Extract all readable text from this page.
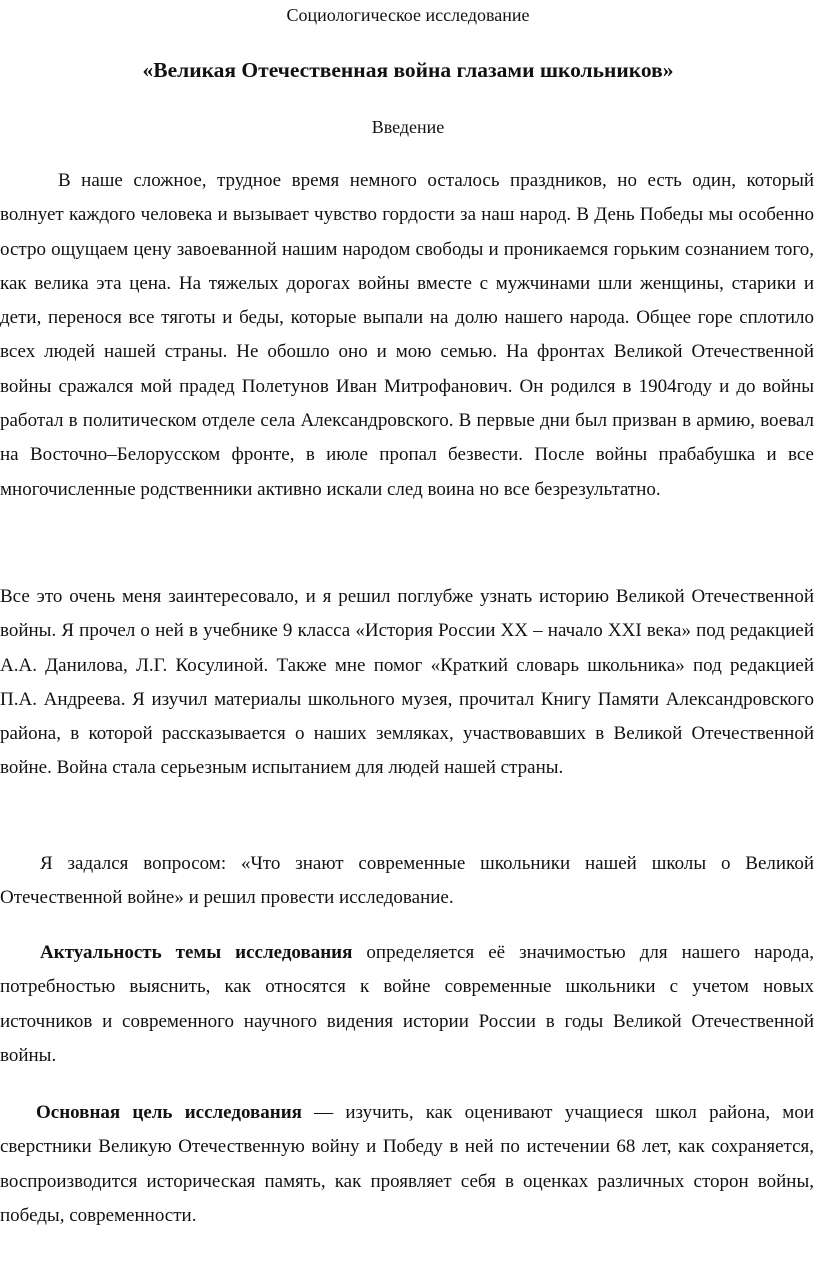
Социологическое исследование
«Великая Отечественная война глазами школьников»
Введение

В наше сложное, трудное время немного осталось праздников, но есть один, который волнует каждого человека и вызывает чувство гордости за наш народ. В День Победы мы особенно остро ощущаем цену завоеванной нашим народом свободы и проникаемся горьким сознанием того, как велика эта цена. На тяжелых дорогах войны вместе с мужчинами шли женщины, старики и дети, перенося все тяготы и беды, которые выпали на долю нашего народа. Общее горе сплотило всех людей нашей страны. Не обошло оно и мою семью. На фронтах Великой Отечественной войны сражался мой прадед Полетунов Иван Митрофанович. Он родился в 1904году и до войны работал в политическом отделе села Александровского. В первые дни был призван в армию, воевал на Восточно–Белорусском фронте, в июле пропал безвести. После войны прабабушка и все многочисленные родственники активно искали след воина но все безрезультатно.

Все это очень меня заинтересовало, и я решил поглубже узнать историю Великой Отечественной войны. Я прочел о ней в учебнике 9 класса «История России XX – начало XXI века» под редакцией А.А. Данилова, Л.Г. Косулиной. Также мне помог «Краткий словарь школьника» под редакцией П.А. Андреева. Я изучил материалы школьного музея, прочитал Книгу Памяти Александровского района, в которой рассказывается о наших земляках, участвовавших в Великой Отечественной войне. Война стала серьезным испытанием для людей нашей страны.

Я задался вопросом: «Что знают современные школьники нашей школы о Великой Отечественной войне» и решил провести исследование.

Актуальность темы исследования определяется её значимостью для нашего народа, потребностью выяснить, как относятся к войне современные школьники с учетом новых источников и современного научного видения истории России в годы Великой Отечественной войны.

Основная цель исследования — изучить, как оценивают учащиеся школ района, мои сверстники Великую Отечественную войну и Победу в ней по истечении 68 лет, как сохраняется, воспроизводится историческая память, как проявляет себя в оценках различных сторон войны, победы, современности.
